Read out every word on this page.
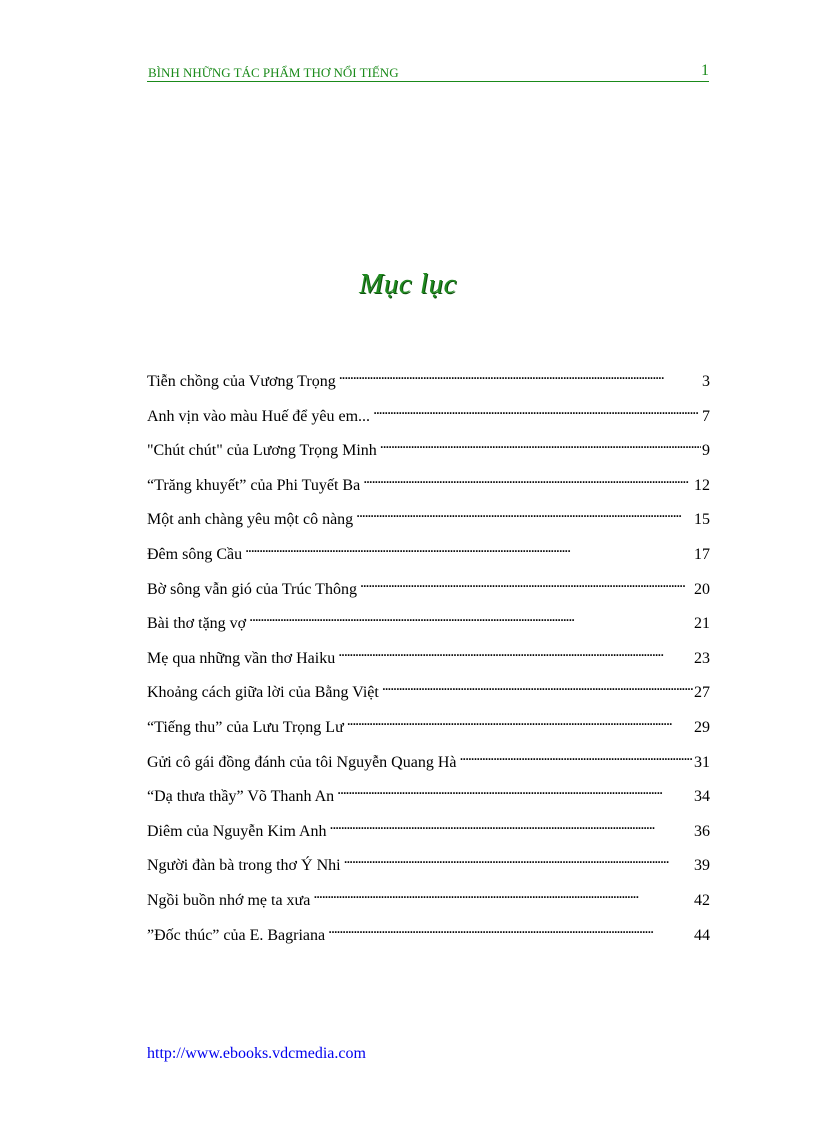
BÌNH NHỮNG TÁC PHẨM THƠ NỔI TIẾNG	1
Mục lục
Tiễn chồng của Vương Trọng . . .	3
Anh vịn vào màu Huế để yêu em... . . .	7
"Chút chút" của Lương Trọng Minh . . .	9
“Trăng khuyết” của Phi Tuyết Ba . . .	12
Một anh chàng yêu một cô nàng . . .	15
Đêm sông Cầu . . .	17
Bờ sông vẫn gió của Trúc Thông . . .	20
Bài thơ tặng vợ . . .	21
Mẹ qua những vần thơ Haiku . . .	23
Khoảng cách giữa lời của Bằng Việt . . .	27
“Tiếng thu” của Lưu Trọng Lư . . .	29
Gửi cô gái đồng đánh của tôi Nguyễn Quang Hà . . .	31
“Dạ thưa thầy” Võ Thanh An . . .	34
Diêm của Nguyễn Kim Anh . . .	36
Người đàn bà trong thơ Ý Nhi . . .	39
Ngồi buồn nhớ mẹ ta xưa . . .	42
”Đốc thúc” của E. Bagriana . . .	44
http://www.ebooks.vdcmedia.com
